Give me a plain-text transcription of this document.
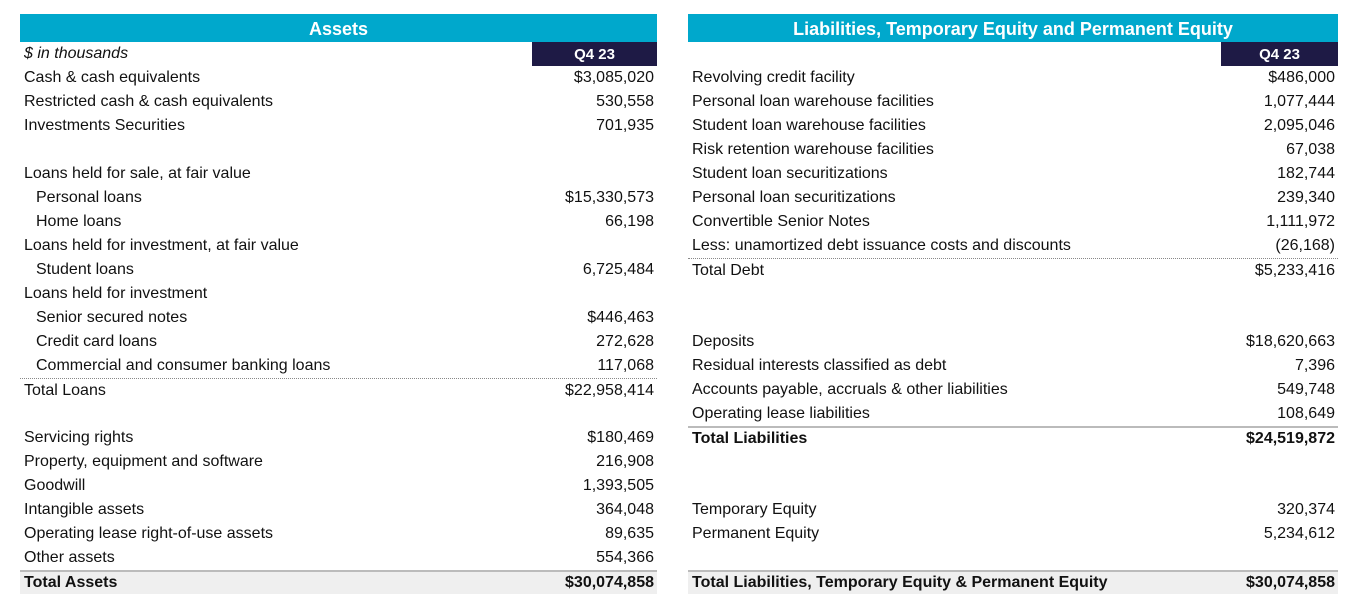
Assets
$ in thousands	Q4 23
Cash & cash equivalents	$3,085,020
Restricted cash & cash equivalents	530,558
Investments Securities	701,935
Loans held for sale, at fair value
Personal loans	$15,330,573
Home loans	66,198
Loans held for investment, at fair value
Student loans	6,725,484
Loans held for investment
Senior secured notes	$446,463
Credit card loans	272,628
Commercial and consumer banking loans	117,068
Total Loans	$22,958,414
Servicing rights	$180,469
Property, equipment and software	216,908
Goodwill	1,393,505
Intangible assets	364,048
Operating lease right-of-use assets	89,635
Other assets	554,366
Total Assets	$30,074,858
Liabilities, Temporary Equity and Permanent Equity
Q4 23
Revolving credit facility	$486,000
Personal loan warehouse facilities	1,077,444
Student loan warehouse facilities	2,095,046
Risk retention warehouse facilities	67,038
Student loan securitizations	182,744
Personal loan securitizations	239,340
Convertible Senior Notes	1,111,972
Less: unamortized debt issuance costs and discounts	(26,168)
Total Debt	$5,233,416
Deposits	$18,620,663
Residual interests classified as debt	7,396
Accounts payable, accruals & other liabilities	549,748
Operating lease liabilities	108,649
Total Liabilities	$24,519,872
Temporary Equity	320,374
Permanent Equity	5,234,612
Total Liabilities, Temporary Equity & Permanent Equity	$30,074,858
